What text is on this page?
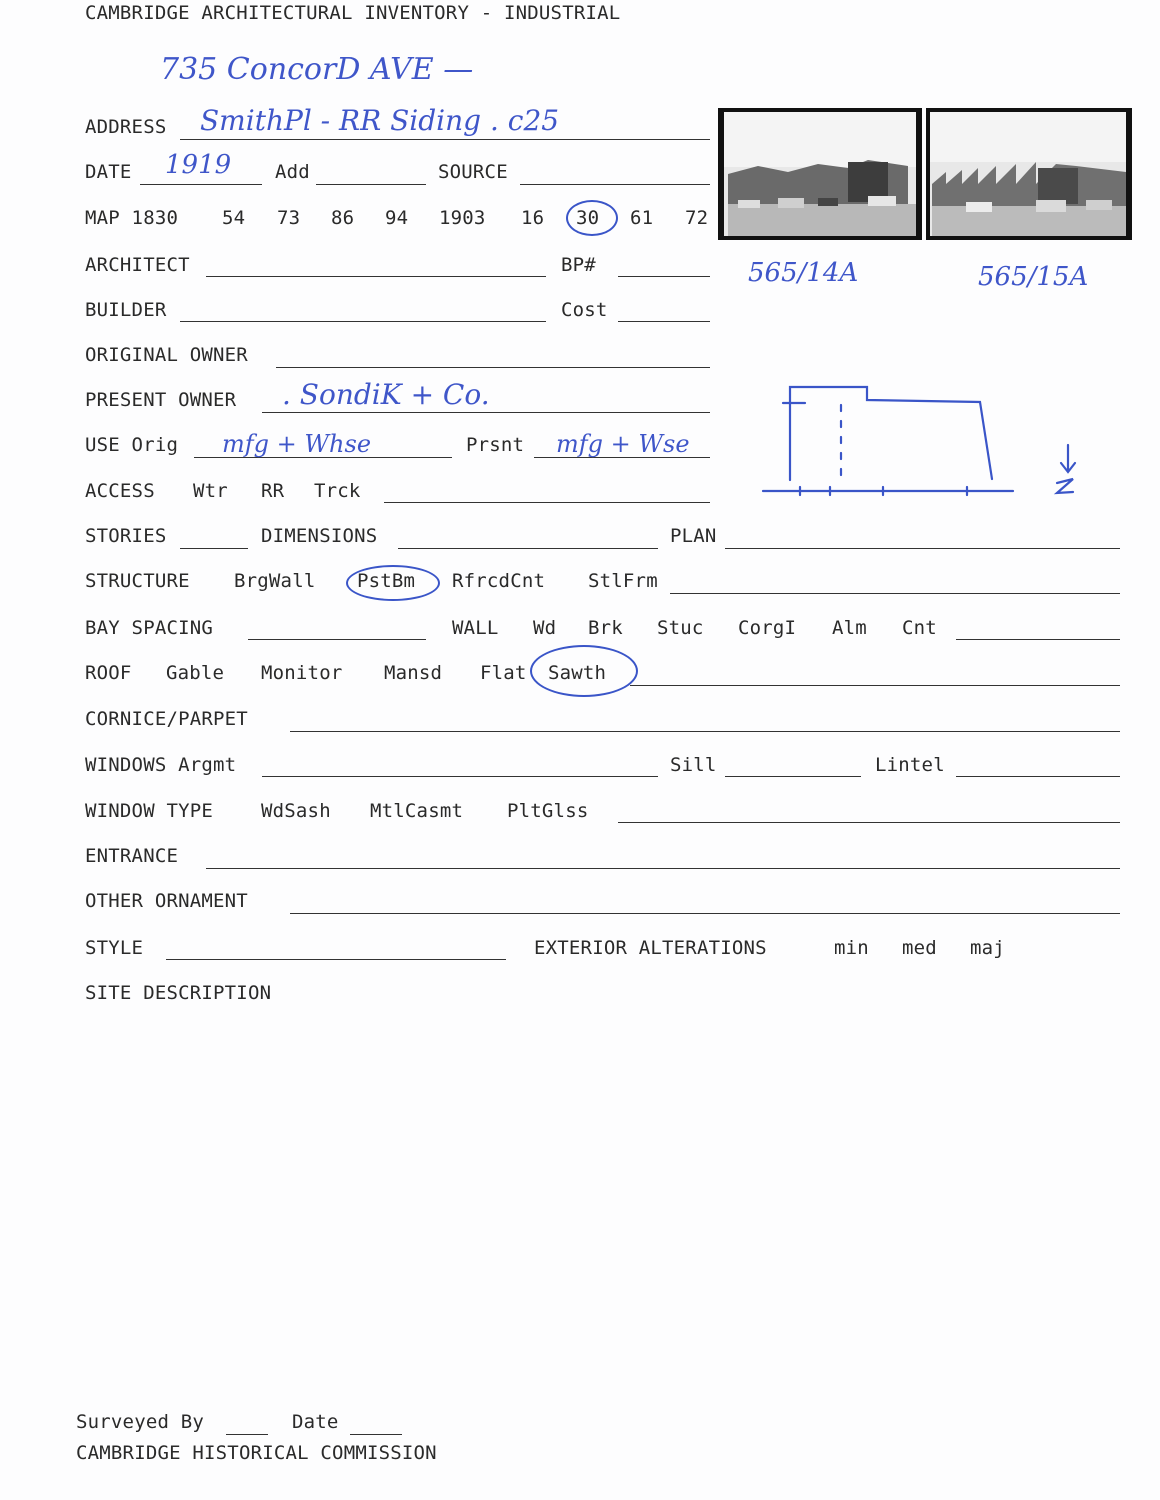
CAMBRIDGE ARCHITECTURAL INVENTORY - INDUSTRIAL
735 ConcorD AVE —
ADDRESS SmithPl - RR Siding . c25
DATE 1919 Add	SOURCE
MAP 1830 54 73 86 94 1903 16 30 61 72
565/14A	565/15A
ARCHITECT	BP#
BUILDER	Cost
ORIGINAL OWNER
PRESENT OWNER . SondiK + Co.
USE Orig mfg + Whse	Prsnt mfg + Wse
ACCESS Wtr RR Trck
STORIES	DIMENSIONS	PLAN
STRUCTURE BrgWall PstBm RfrcdCnt StlFrm
BAY SPACING	WALL Wd Brk Stuc CorgI Alm Cnt
ROOF Gable Monitor Mansd Flat Sawth
CORNICE/PARPET
WINDOWS Argmt	Sill	Lintel
WINDOW TYPE	WdSash MtlCasmt PltGlss
ENTRANCE
OTHER ORNAMENT
STYLE	EXTERIOR ALTERATIONS	min med maj
SITE DESCRIPTION
Surveyed By	Date
CAMBRIDGE HISTORICAL COMMISSION
